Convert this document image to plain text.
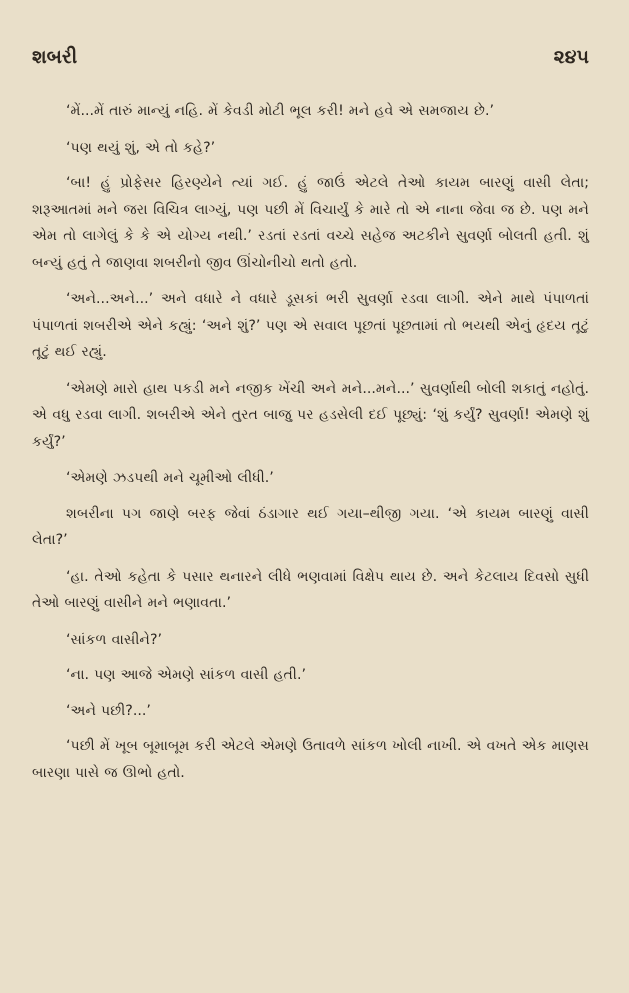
શબરી	૨૪૫

‘મેં...મેં તારું માન્યું નહિ. મેં કેવડી મોટી ભૂલ કરી! મને હવે એ સમજાય છે.’

‘પણ થયું શું, એ તો કહે?’

‘બા! હું પ્રોફેસર હિરણ્યેને ત્યાં ગઈ. હું જાઉં એટલે તેઓ કાયમ બારણું વાસી લેતા; શરૂઆતમાં મને જરા વિચિત્ર લાગ્યું, પણ પછી મેં વિચાર્યું કે મારે તો એ નાના જેવા જ છે. પણ મને એમ તો લાગેલું કે કે એ યોગ્ય નથી.’ રડતાં રડતાં વચ્ચે સહેજ અટકીને સુવર્ણા બોલતી હતી. શું બન્યું હતું તે જાણવા શબરીનો જીવ ઊંચોનીચો થતો હતો.

‘અને...અને...’ અને વધારે ને વધારે ડૂસકાં ભરી સુવર્ણા રડવા લાગી. એને માથે પંપાળતાં પંપાળતાં શબરીએ એને કહ્યું: ‘અને શું?’ પણ એ સવાલ પૂછતાં પૂછતામાં તો ભયથી એનું હૃદય તૂટું તૂટું થઈ રહ્યું.

‘એમણે મારો હાથ પકડી મને નજીક ખેંચી અને મને...મને...’ સુવર્ણાથી બોલી શકાતું નહોતું. એ વધુ રડવા લાગી. શબરીએ એને તુરત બાજુ પર હડસેલી દઈ પૂછ્યું: ‘શું કર્યું? સુવર્ણા! એમણે શું કર્યું?’

‘એમણે ઝડપથી મને ચૂમીઓ લીધી.’

શબરીના પગ જાણે બરફ જેવાં ઠંડાગાર થઈ ગયા–થીજી ગયા. ‘એ કાયમ બારણું વાસી લેતા?’

‘હા. તેઓ કહેતા કે પસાર થનારને લીધે ભણવામાં વિક્ષેપ થાય છે. અને કેટલાય દિવસો સુધી તેઓ બારણું વાસીને મને ભણાવતા.’

‘સાંકળ વાસીને?’

‘ના. પણ આજે એમણે સાંકળ વાસી હતી.’

‘અને પછી?...’

‘પછી મેં ખૂબ બૂમાબૂમ કરી એટલે એમણે ઉતાવળે સાંકળ ખોલી નાખી. એ વખતે એક માણસ બારણા પાસે જ ઊભો હતો.
